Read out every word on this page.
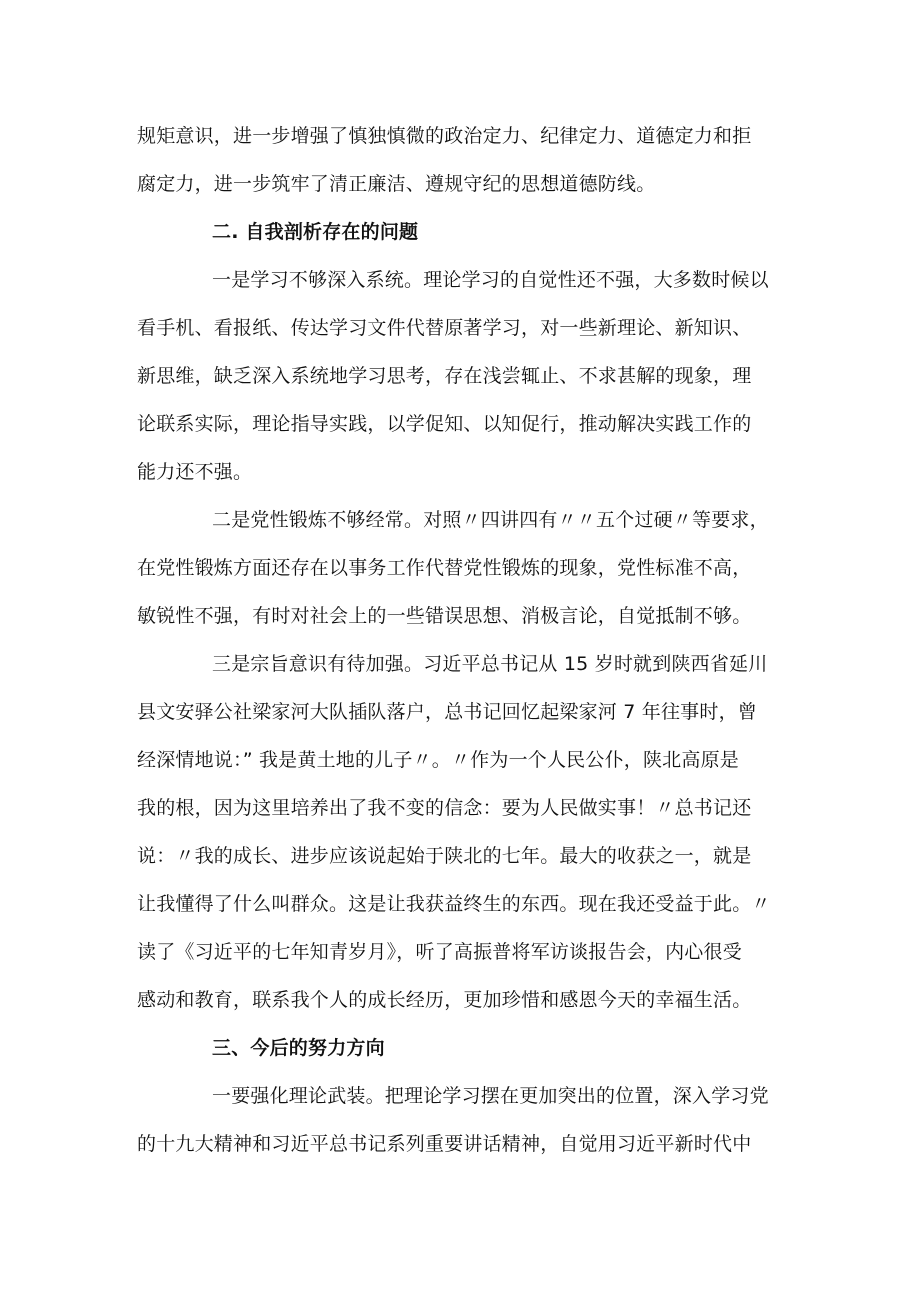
规矩意识，进一步增强了慎独慎微的政治定力、纪律定力、道德定力和拒
腐定力，进一步筑牢了清正廉洁、遵规守纪的思想道德防线。
二. 自我剖析存在的问题
一是学习不够深入系统。理论学习的自觉性还不强，大多数时候以
看手机、看报纸、传达学习文件代替原著学习，对一些新理论、新知识、
新思维，缺乏深入系统地学习思考，存在浅尝辄止、不求甚解的现象，理
论联系实际，理论指导实践，以学促知、以知促行，推动解决实践工作的
能力还不强。
二是党性锻炼不够经常。对照〃四讲四有〃〃五个过硬〃等要求，
在党性锻炼方面还存在以事务工作代替党性锻炼的现象，党性标准不高，
敏锐性不强，有时对社会上的一些错误思想、消极言论，自觉抵制不够。
三是宗旨意识有待加强。习近平总书记从 15 岁时就到陕西省延川
县文安驿公社梁家河大队插队落户，总书记回忆起梁家河 7 年往事时，曾
经深情地说：” 我是黄土地的儿子〃。〃作为一个人民公仆，陕北高原是
我的根，因为这里培养出了我不变的信念：要为人民做实事！〃总书记还
说：〃我的成长、进步应该说起始于陕北的七年。最大的收获之一，就是
让我懂得了什么叫群众。这是让我获益终生的东西。现在我还受益于此。〃
读了《习近平的七年知青岁月》，听了高振普将军访谈报告会，内心很受
感动和教育，联系我个人的成长经历，更加珍惜和感恩今天的幸福生活。
三、今后的努力方向
一要强化理论武装。把理论学习摆在更加突出的位置，深入学习党
的十九大精神和习近平总书记系列重要讲话精神，自觉用习近平新时代中
